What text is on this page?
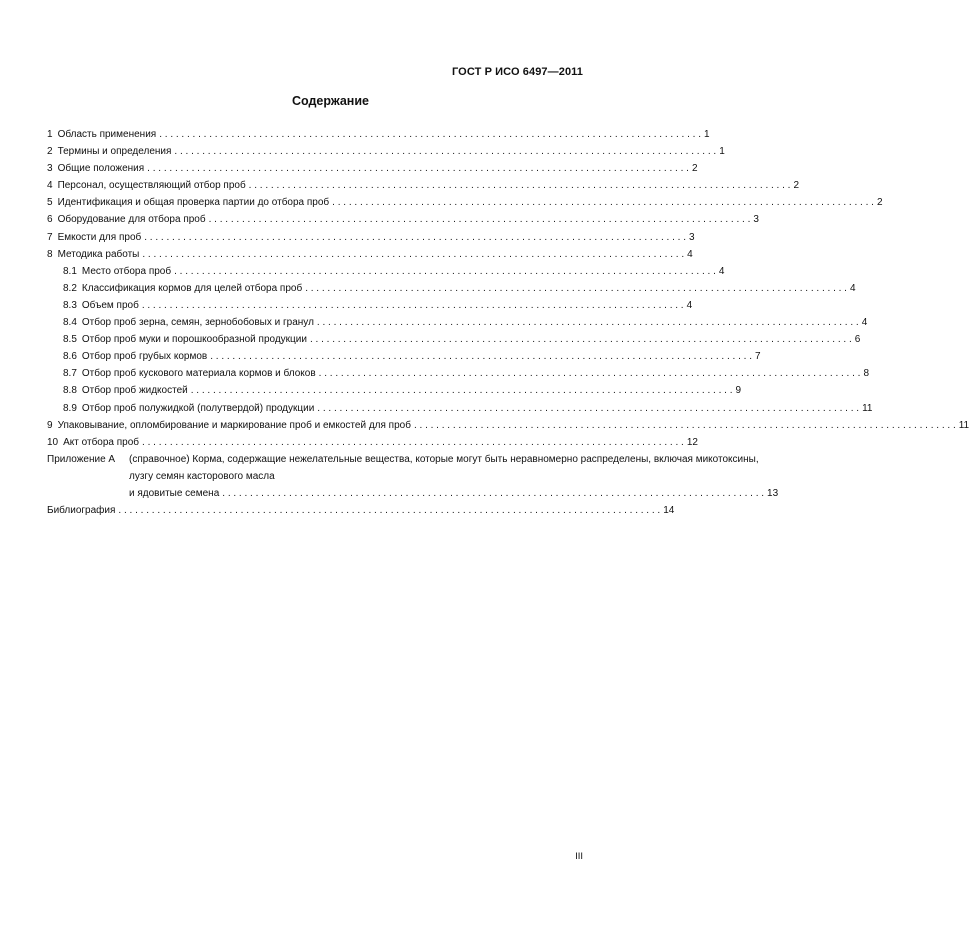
ГОСТ Р ИСО 6497—2011
Содержание
1 Область применения . . .	1
2 Термины и определения . . .	1
3 Общие положения . . .	2
4 Персонал, осуществляющий отбор проб . . .	2
5 Идентификация и общая проверка партии до отбора проб . . .	2
6 Оборудование для отбора проб . . .	3
7 Емкости для проб . . .	3
8 Методика работы . . .	4
8.1 Место отбора проб . . .	4
8.2 Классификация кормов для целей отбора проб . . .	4
8.3 Объем проб . . .	4
8.4 Отбор проб зерна, семян, зернобобовых и гранул . . .	4
8.5 Отбор проб муки и порошкообразной продукции . . .	6
8.6 Отбор проб грубых кормов . . .	7
8.7 Отбор проб кускового материала кормов и блоков . . .	8
8.8 Отбор проб жидкостей . . .	9
8.9 Отбор проб полужидкой (полутвердой) продукции . . .	11
9 Упаковывание, опломбирование и маркирование проб и емкостей для проб . . .	11
10 Акт отбора проб . . .	12
Приложение А	(справочное) Корма, содержащие нежелательные вещества, которые могут быть неравномерно распределены, включая микотоксины, лузгу семян касторового масла
и ядовитые семена . . .	13
Библиография . . .	14
III
